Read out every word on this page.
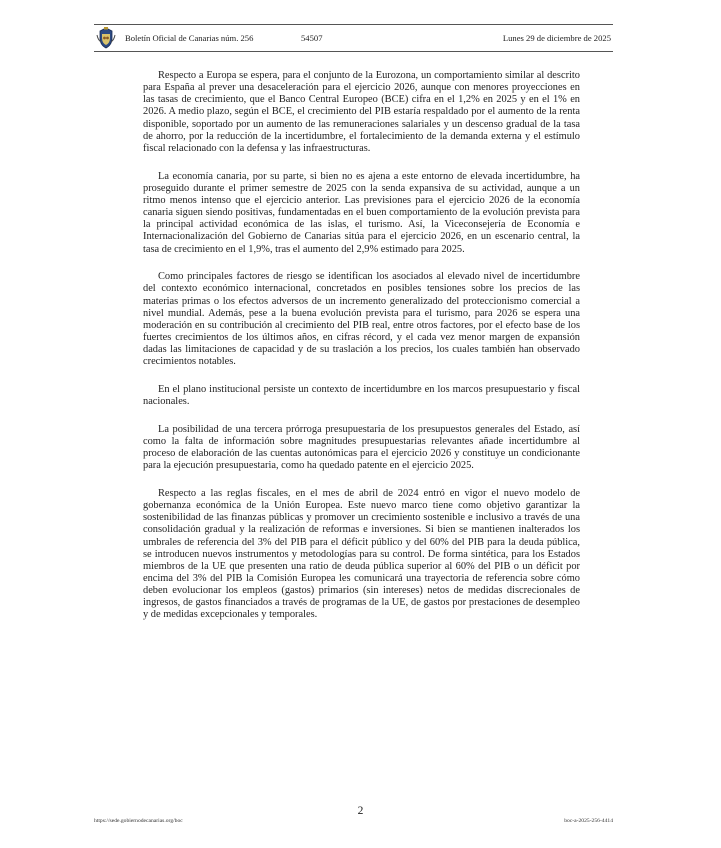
Boletín Oficial de Canarias núm. 256	54507	Lunes 29 de diciembre de 2025

Respecto a Europa se espera, para el conjunto de la Eurozona, un comportamiento similar al descrito para España al prever una desaceleración para el ejercicio 2026, aunque con menores proyecciones en las tasas de crecimiento, que el Banco Central Europeo (BCE) cifra en el 1,2% en 2025 y en el 1% en 2026. A medio plazo, según el BCE, el crecimiento del PIB estaría respaldado por el aumento de la renta disponible, soportado por un aumento de las remuneraciones salariales y un descenso gradual de la tasa de ahorro, por la reducción de la incertidumbre, el fortalecimiento de la demanda externa y el estímulo fiscal relacionado con la defensa y las infraestructuras.

La economía canaria, por su parte, si bien no es ajena a este entorno de elevada incertidumbre, ha proseguido durante el primer semestre de 2025 con la senda expansiva de su actividad, aunque a un ritmo menos intenso que el ejercicio anterior. Las previsiones para el ejercicio 2026 de la economía canaria siguen siendo positivas, fundamentadas en el buen comportamiento de la evolución prevista para la principal actividad económica de las islas, el turismo. Así, la Viceconsejería de Economía e Internacionalización del Gobierno de Canarias sitúa para el ejercicio 2026, en un escenario central, la tasa de crecimiento en el 1,9%, tras el aumento del 2,9% estimado para 2025.

Como principales factores de riesgo se identifican los asociados al elevado nivel de incertidumbre del contexto económico internacional, concretados en posibles tensiones sobre los precios de las materias primas o los efectos adversos de un incremento generalizado del proteccionismo comercial a nivel mundial. Además, pese a la buena evolución prevista para el turismo, para 2026 se espera una moderación en su contribución al crecimiento del PIB real, entre otros factores, por el efecto base de los fuertes crecimientos de los últimos años, en cifras récord, y el cada vez menor margen de expansión dadas las limitaciones de capacidad y de su traslación a los precios, los cuales también han observado crecimientos notables.

En el plano institucional persiste un contexto de incertidumbre en los marcos presupuestario y fiscal nacionales.

La posibilidad de una tercera prórroga presupuestaria de los presupuestos generales del Estado, así como la falta de información sobre magnitudes presupuestarias relevantes añade incertidumbre al proceso de elaboración de las cuentas autonómicas para el ejercicio 2026 y constituye un condicionante para la ejecución presupuestaria, como ha quedado patente en el ejercicio 2025.

Respecto a las reglas fiscales, en el mes de abril de 2024 entró en vigor el nuevo modelo de gobernanza económica de la Unión Europea. Este nuevo marco tiene como objetivo garantizar la sostenibilidad de las finanzas públicas y promover un crecimiento sostenible e inclusivo a través de una consolidación gradual y la realización de reformas e inversiones. Si bien se mantienen inalterados los umbrales de referencia del 3% del PIB para el déficit público y del 60% del PIB para la deuda pública, se introducen nuevos instrumentos y metodologías para su control. De forma sintética, para los Estados miembros de la UE que presenten una ratio de deuda pública superior al 60% del PIB o un déficit por encima del 3% del PIB la Comisión Europea les comunicará una trayectoria de referencia sobre cómo deben evolucionar los empleos (gastos) primarios (sin intereses) netos de medidas discrecionales de ingresos, de gastos financiados a través de programas de la UE, de gastos por prestaciones de desempleo y de medidas excepcionales y temporales.

2
https://sede.gobiernodecanarias.org/boc	boc-a-2025-256-4414
